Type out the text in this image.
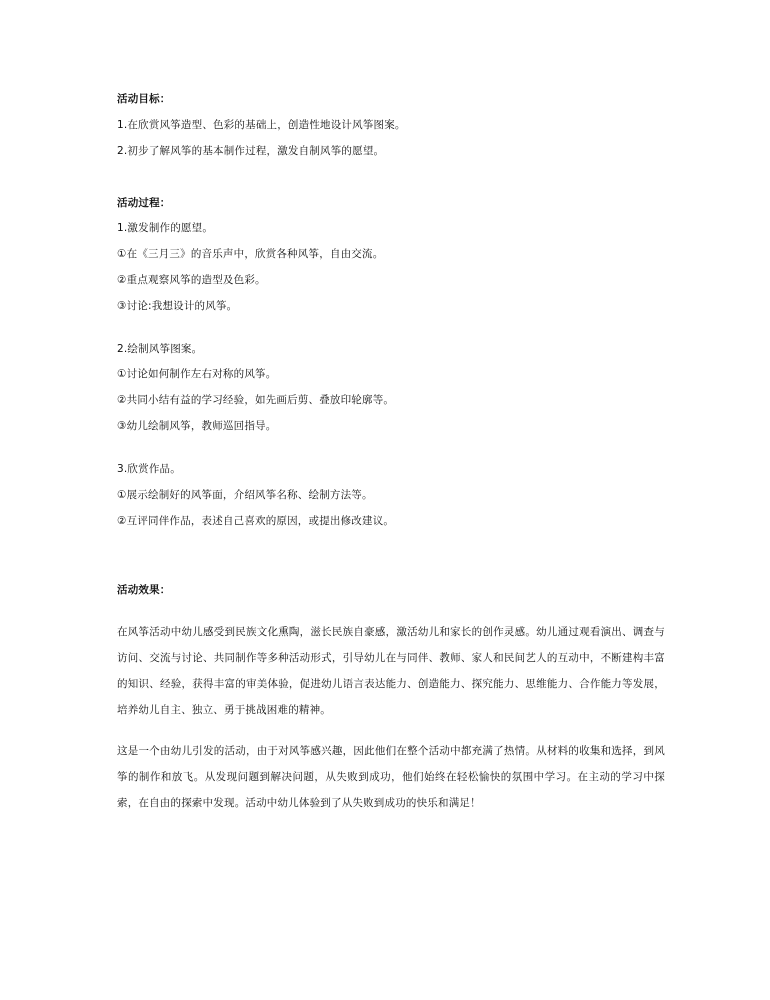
活动目标：
1.在欣赏风筝造型、色彩的基础上，创造性地设计风筝图案。
2.初步了解风筝的基本制作过程，激发自制风筝的愿望。
活动过程：
1.激发制作的愿望。
①在《三月三》的音乐声中，欣赏各种风筝，自由交流。
②重点观察风筝的造型及色彩。
③讨论:我想设计的风筝。
2.绘制风筝图案。
①讨论如何制作左右对称的风筝。
②共同小结有益的学习经验，如先画后剪、叠放印轮廓等。
③幼儿绘制风筝，教师巡回指导。
3.欣赏作品。
①展示绘制好的风筝面，介绍风筝名称、绘制方法等。
②互评同伴作品，表述自己喜欢的原因，或提出修改建议。
活动效果：
在风筝活动中幼儿感受到民族文化熏陶，滋长民族自豪感，激活幼儿和家长的创作灵感。幼儿通过观看演出、调查与访问、交流与讨论、共同制作等多种活动形式，引导幼儿在与同伴、教师、家人和民间艺人的互动中，不断建构丰富的知识、经验，获得丰富的审美体验，促进幼儿语言表达能力、创造能力、探究能力、思维能力、合作能力等发展，培养幼儿自主、独立、勇于挑战困难的精神。
这是一个由幼儿引发的活动，由于对风筝感兴趣，因此他们在整个活动中都充满了热情。从材料的收集和选择，到风筝的制作和放飞。从发现问题到解决问题，从失败到成功，他们始终在轻松愉快的氛围中学习。在主动的学习中探索，在自由的探索中发现。活动中幼儿体验到了从失败到成功的快乐和满足！
